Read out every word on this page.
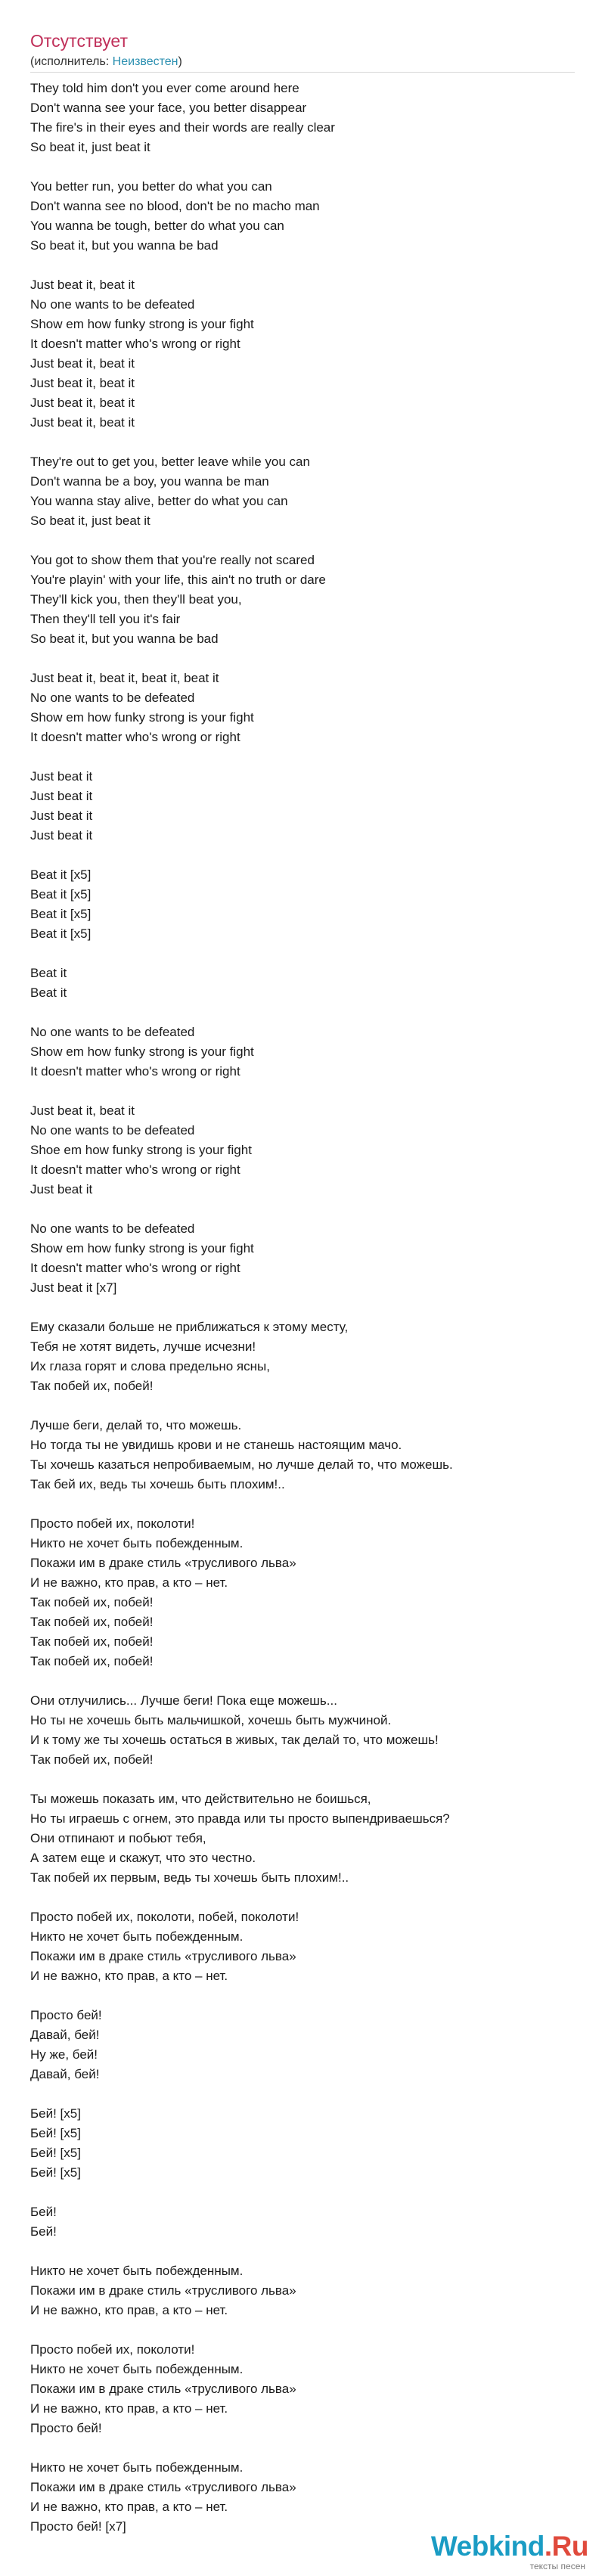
Отсутствует
(исполнитель: Неизвестен)
They told him don't you ever come around here
Don't wanna see your face, you better disappear
The fire's in their eyes and their words are really clear
So beat it, just beat it
You better run, you better do what you can
Don't wanna see no blood, don't be no macho man
You wanna be tough, better do what you can
So beat it, but you wanna be bad
Just beat it, beat it
No one wants to be defeated
Show em how funky strong is your fight
It doesn't matter who's wrong or right
Just beat it, beat it
Just beat it, beat it
Just beat it, beat it
Just beat it, beat it
They're out to get you, better leave while you can
Don't wanna be a boy, you wanna be man
You wanna stay alive, better do what you can
So beat it, just beat it
You got to show them that you're really not scared
You're playin' with your life, this ain't no truth or dare
They'll kick you, then they'll beat you,
Then they'll tell you it's fair
So beat it, but you wanna be bad
Just beat it, beat it, beat it, beat it
No one wants to be defeated
Show em how funky strong is your fight
It doesn't matter who's wrong or right
Just beat it
Just beat it
Just beat it
Just beat it
Beat it [x5]
Beat it [x5]
Beat it [x5]
Beat it [x5]
Beat it
Beat it
No one wants to be defeated
Show em how funky strong is your fight
It doesn't matter who's wrong or right
Just beat it, beat it
No one wants to be defeated
Shoe em how funky strong is your fight
It doesn't matter who's wrong or right
Just beat it
No one wants to be defeated
Show em how funky strong is your fight
It doesn't matter who's wrong or right
Just beat it [x7]
Ему сказали больше не приближаться к этому месту,
Тебя не хотят видеть, лучше исчезни!
Их глаза горят и слова предельно ясны,
Так побей их, побей!
Лучше беги, делай то, что можешь.
Но тогда ты не увидишь крови и не станешь настоящим мачо.
Ты хочешь казаться непробиваемым, но лучше делай то, что можешь.
Так бей их, ведь ты хочешь быть плохим!..
Просто побей их, поколоти!
Никто не хочет быть побежденным.
Покажи им в драке стиль «трусливого льва»
И не важно, кто прав, а кто – нет.
Так побей их, побей!
Так побей их, побей!
Так побей их, побей!
Так побей их, побей!
Они отлучились... Лучше беги! Пока еще можешь...
Но ты не хочешь быть мальчишкой, хочешь быть мужчиной.
И к тому же ты хочешь остаться в живых, так делай то, что можешь!
Так побей их, побей!
Ты можешь показать им, что действительно не боишься,
Но ты играешь с огнем, это правда или ты просто выпендриваешься?
Они отпинают и побьют тебя,
А затем еще и скажут, что это честно.
Так побей их первым, ведь ты хочешь быть плохим!..
Просто побей их, поколоти, побей, поколоти!
Никто не хочет быть побежденным.
Покажи им в драке стиль «трусливого льва»
И не важно, кто прав, а кто – нет.
Просто бей!
Давай, бей!
Ну же, бей!
Давай, бей!
Бей! [x5]
Бей! [x5]
Бей! [x5]
Бей! [x5]
Бей!
Бей!
Никто не хочет быть побежденным.
Покажи им в драке стиль «трусливого льва»
И не важно, кто прав, а кто – нет.
Просто побей их, поколоти!
Никто не хочет быть побежденным.
Покажи им в драке стиль «трусливого льва»
И не важно, кто прав, а кто – нет.
Просто бей!
Никто не хочет быть побежденным.
Покажи им в драке стиль «трусливого льва»
И не важно, кто прав, а кто – нет.
Просто бей! [x7]
Webkind.Ru
тексты песен
